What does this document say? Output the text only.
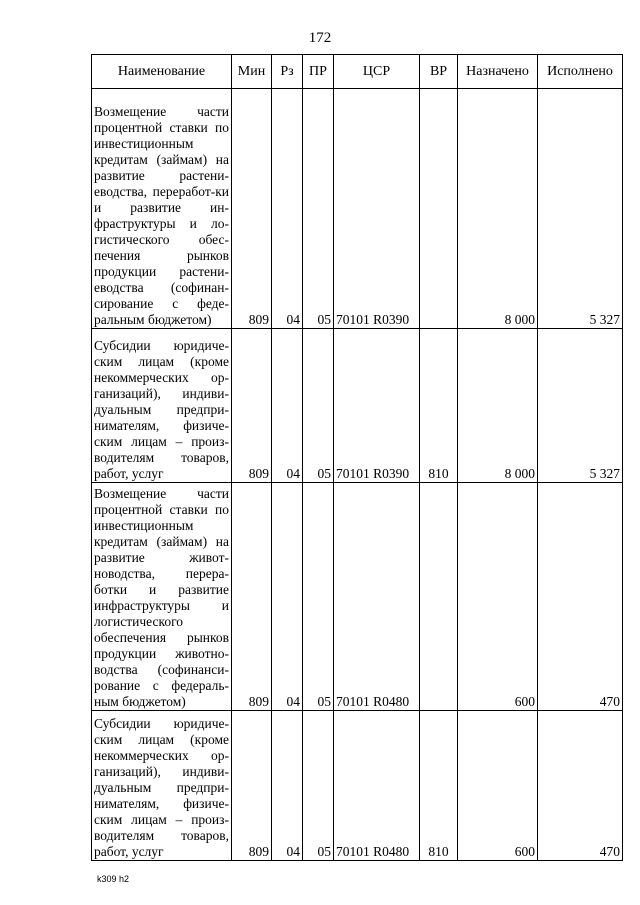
172
Наименование	Мин	Рз	ПР	ЦСР	ВР	Назначено	Исполнено
Возмещение части процентной ставки по инвестиционным кредитам (займам) на развитие растени-еводства, переработ-ки и развитие ин-фраструктуры и ло-гистического обес-печения рынков продукции растени-еводства (софинан-сирование с феде-ральным бюджетом)	809	04	05	70101 R0390		8 000	5 327
Субсидии юридиче-ским лицам (кроме некоммерческих ор-ганизаций), индиви-дуальным предпри-нимателям, физиче-ским лицам – произ-водителям товаров, работ, услуг	809	04	05	70101 R0390	810	8 000	5 327
Возмещение части процентной ставки по инвестиционным кредитам (займам) на развитие живот-новодства, перера-ботки и развитие инфраструктуры и логистического обеспечения рынков продукции животно-водства (софинанси-рование с федераль-ным бюджетом)	809	04	05	70101 R0480		600	470
Субсидии юридиче-ским лицам (кроме некоммерческих ор-ганизаций), индиви-дуальным предпри-нимателям, физиче-ским лицам – произ-водителям товаров, работ, услуг	809	04	05	70101 R0480	810	600	470
k309 h2
